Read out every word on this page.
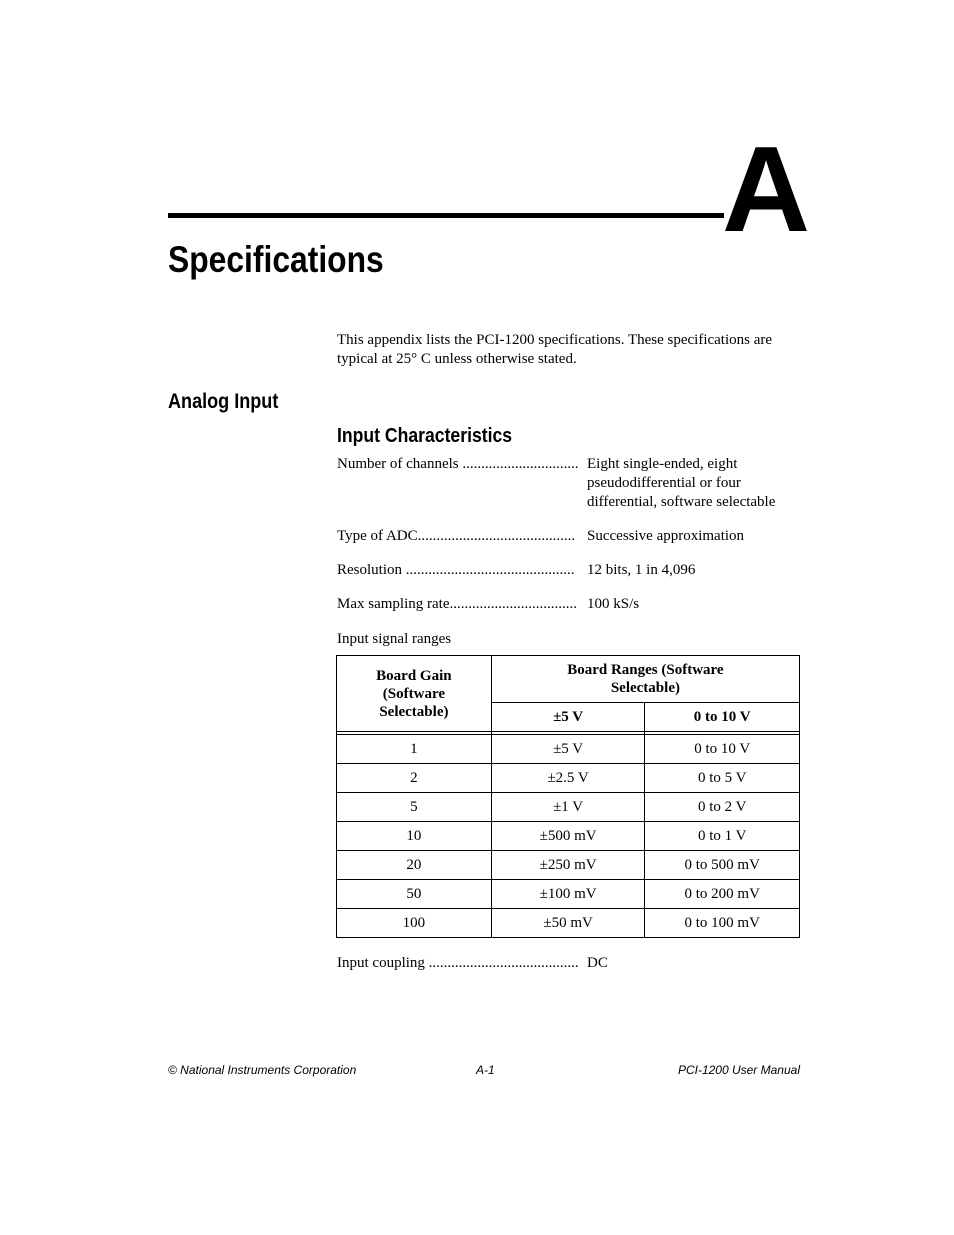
A
Specifications
This appendix lists the PCI-1200 specifications. These specifications are typical at 25° C unless otherwise stated.
Analog Input
Input Characteristics
Number of channels ............................... Eight single-ended, eight pseudodifferential or four differential, software selectable
Type of ADC.......................................... Successive approximation
Resolution ............................................. 12 bits, 1 in 4,096
Max sampling rate.................................. 100 kS/s
Input signal ranges
Board Gain (Software Selectable)	Board Ranges (Software Selectable)	
	±5 V	0 to 10 V

1	±5 V	0 to 10 V
2	±2.5 V	0 to 5 V
5	±1 V	0 to 2 V
10	±500 mV	0 to 1 V
20	±250 mV	0 to 500 mV
50	±100 mV	0 to 200 mV
100	±50 mV	0 to 100 mV
Input coupling ........................................ DC
© National Instruments Corporation	A-1	PCI-1200 User Manual
